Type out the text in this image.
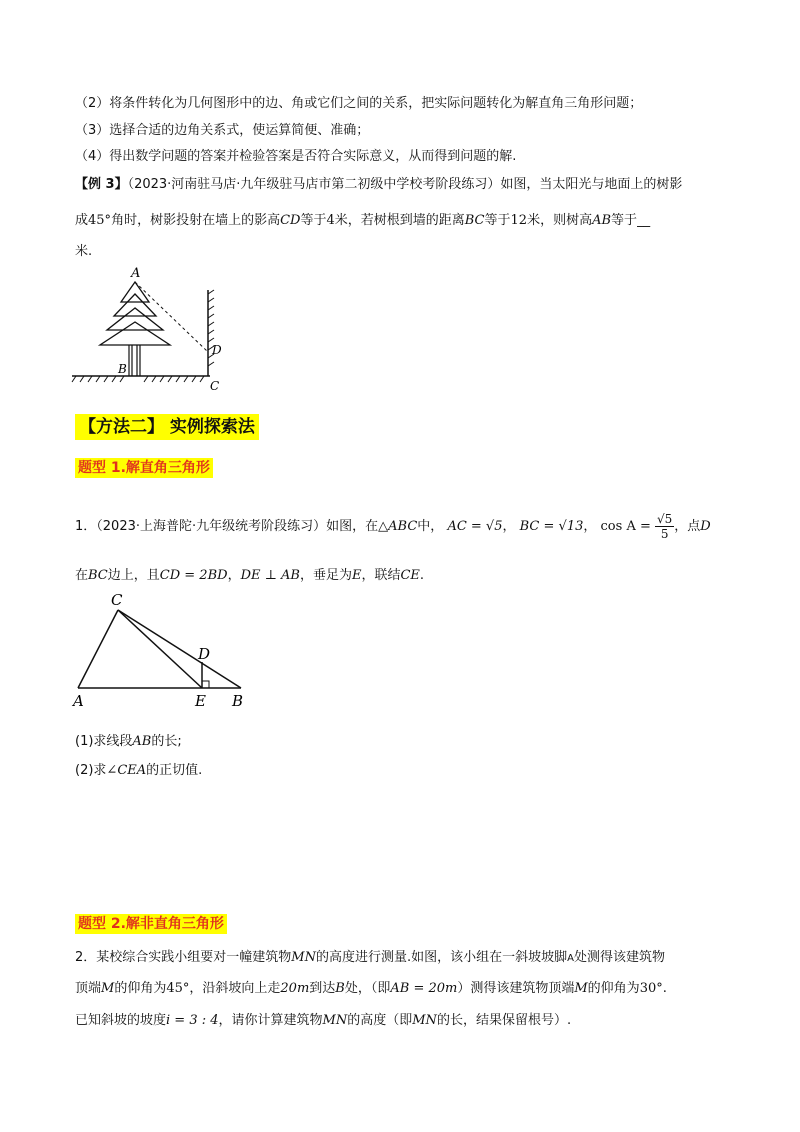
（2）将条件转化为几何图形中的边、角或它们之间的关系，把实际问题转化为解直角三角形问题；
（3）选择合适的边角关系式，使运算简便、准确；
（4）得出数学问题的答案并检验答案是否符合实际意义，从而得到问题的解.
【例 3】（2023·河南驻马店·九年级驻马店市第二初级中学校考阶段练习）如图，当太阳光与地面上的树影
成45°角时，树影投射在墙上的影高CD等于4米，若树根到墙的距离BC等于12米，则树高AB等于__
米.
A
B
C
D
【方法二】 实例探索法
题型 1.解直角三角形
1．（2023·上海普陀·九年级统考阶段练习）如图，在△ABC中， AC = √5， BC = √13， $\cos A = \frac{√5}{5}$ ，点D
在BC边上，且CD = 2BD，DE ⊥ AB，垂足为E，联结CE.
C
D
A	E B
(1)求线段AB的长;
(2)求∠CEA的正切值.
题型 2.解非直角三角形
2．某校综合实践小组要对一幢建筑物MN的高度进行测量.如图，该小组在一斜坡坡脚A处测得该建筑物
顶端M的仰角为45°，沿斜坡向上走20m到达B处，（即AB = 20m）测得该建筑物顶端M的仰角为30°.
已知斜坡的坡度i = 3 : 4，请你计算建筑物MN的高度（即MN的长，结果保留根号）.
